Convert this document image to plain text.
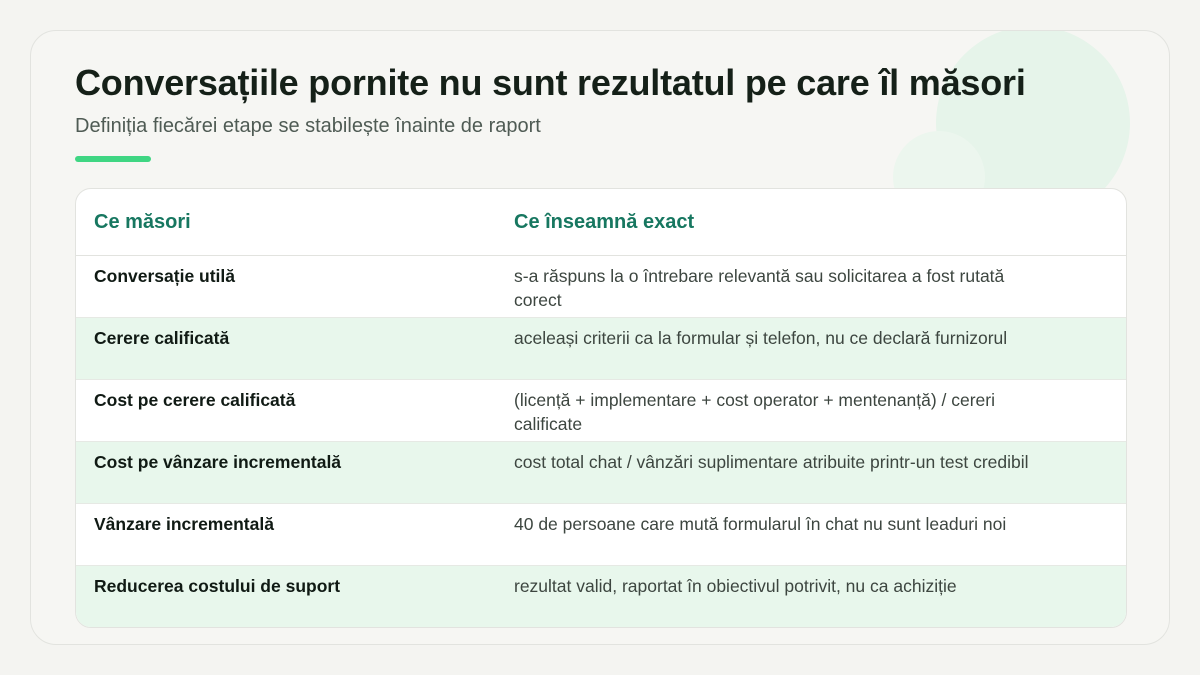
Conversațiile pornite nu sunt rezultatul pe care îl măsori

Definiția fiecărei etape se stabilește înainte de raport

Ce măsori	Ce înseamnă exact
Conversație utilă	s-a răspuns la o întrebare relevantă sau solicitarea a fost rutată corect
Cerere calificată	aceleași criterii ca la formular și telefon, nu ce declară furnizorul
Cost pe cerere calificată	(licență + implementare + cost operator + mentenanță) / cereri calificate
Cost pe vânzare incrementală	cost total chat / vânzări suplimentare atribuite printr-un test credibil
Vânzare incrementală	40 de persoane care mută formularul în chat nu sunt leaduri noi
Reducerea costului de suport	rezultat valid, raportat în obiectivul potrivit, nu ca achiziție
